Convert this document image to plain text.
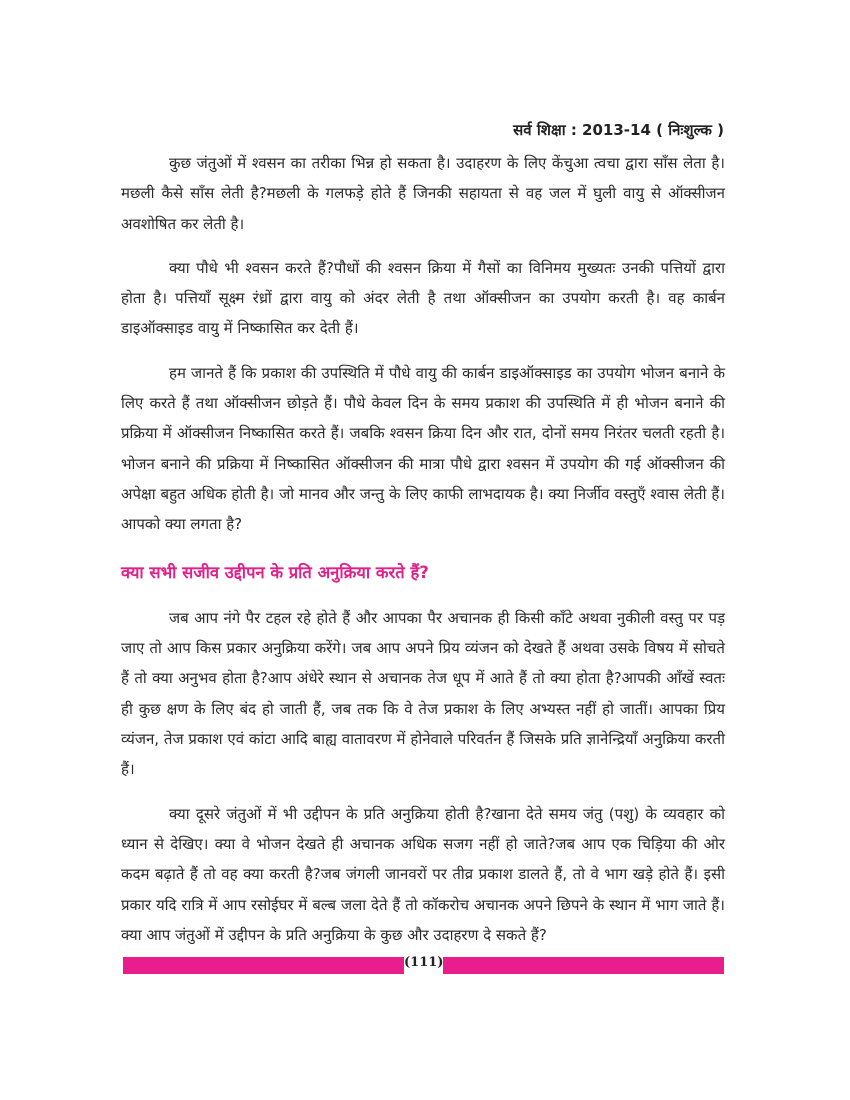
सर्व शिक्षा : 2013-14 ( निःशुल्क )

कुछ जंतुओं में श्वसन का तरीका भिन्न हो सकता है। उदाहरण के लिए केंचुआ त्वचा द्वारा साँस लेता है। मछली कैसे साँस लेती है?मछली के गलफड़े होते हैं जिनकी सहायता से वह जल में घुली वायु से ऑक्सीजन अवशोषित कर लेती है।

क्या पौधे भी श्वसन करते हैं?पौधों की श्वसन क्रिया में गैसों का विनिमय मुख्यतः उनकी पत्तियों द्वारा होता है। पत्तियाँ सूक्ष्म रंध्रों द्वारा वायु को अंदर लेती है तथा ऑक्सीजन का उपयोग करती है। वह कार्बन डाइऑक्साइड वायु में निष्कासित कर देती हैं।

हम जानते हैं कि प्रकाश की उपस्थिति में पौधे वायु की कार्बन डाइऑक्साइड का उपयोग भोजन बनाने के लिए करते हैं तथा ऑक्सीजन छोड़ते हैं। पौधे केवल दिन के समय प्रकाश की उपस्थिति में ही भोजन बनाने की प्रक्रिया में ऑक्सीजन निष्कासित करते हैं। जबकि श्वसन क्रिया दिन और रात, दोनों समय निरंतर चलती रहती है। भोजन बनाने की प्रक्रिया में निष्कासित ऑक्सीजन की मात्रा पौधे द्वारा श्वसन में उपयोग की गई ऑक्सीजन की अपेक्षा बहुत अधिक होती है। जो मानव और जन्तु के लिए काफी लाभदायक है। क्या निर्जीव वस्तुएँ श्वास लेती हैं। आपको क्या लगता है?

क्या सभी सजीव उद्दीपन के प्रति अनुक्रिया करते हैं?

जब आप नंगे पैर टहल रहे होते हैं और आपका पैर अचानक ही किसी काँटे अथवा नुकीली वस्तु पर पड़ जाए तो आप किस प्रकार अनुक्रिया करेंगे। जब आप अपने प्रिय व्यंजन को देखते हैं अथवा उसके विषय में सोचते हैं तो क्या अनुभव होता है?आप अंधेरे स्थान से अचानक तेज धूप में आते हैं तो क्या होता है?आपकी आँखें स्वतः ही कुछ क्षण के लिए बंद हो जाती हैं, जब तक कि वे तेज प्रकाश के लिए अभ्यस्त नहीं हो जातीं। आपका प्रिय व्यंजन, तेज प्रकाश एवं कांटा आदि बाह्य वातावरण में होनेवाले परिवर्तन हैं जिसके प्रति ज्ञानेन्द्रियाँ अनुक्रिया करती हैं।

क्या दूसरे जंतुओं में भी उद्दीपन के प्रति अनुक्रिया होती है?खाना देते समय जंतु (पशु) के व्यवहार को ध्यान से देखिए। क्या वे भोजन देखते ही अचानक अधिक सजग नहीं हो जाते?जब आप एक चिड़िया की ओर कदम बढ़ाते हैं तो वह क्या करती है?जब जंगली जानवरों पर तीव्र प्रकाश डालते हैं, तो वे भाग खड़े होते हैं। इसी प्रकार यदि रात्रि में आप रसोईघर में बल्ब जला देते हैं तो कॉकरोच अचानक अपने छिपने के स्थान में भाग जाते हैं। क्या आप जंतुओं में उद्दीपन के प्रति अनुक्रिया के कुछ और उदाहरण दे सकते हैं?

(111)
